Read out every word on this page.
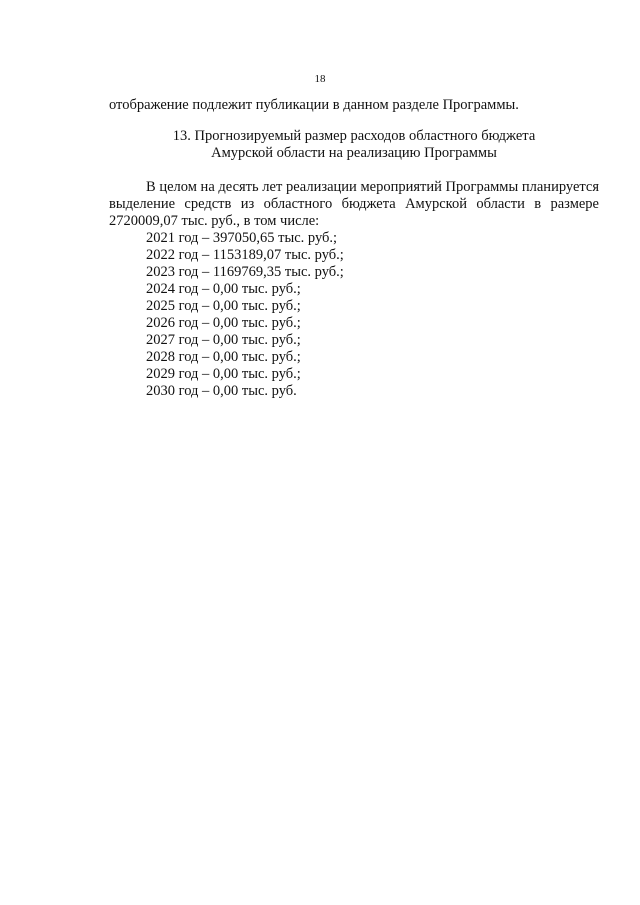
18
отображение подлежит публикации в данном разделе Программы.
13. Прогнозируемый размер расходов областного бюджета
Амурской области на реализацию Программы
В целом на десять лет реализации мероприятий Программы планируется
выделение средств из областного бюджета Амурской области в размере
2720009,07 тыс. руб., в том числе:
2021 год – 397050,65 тыс. руб.;
2022 год – 1153189,07 тыс. руб.;
2023 год – 1169769,35 тыс. руб.;
2024 год – 0,00 тыс. руб.;
2025 год – 0,00 тыс. руб.;
2026 год – 0,00 тыс. руб.;
2027 год – 0,00 тыс. руб.;
2028 год – 0,00 тыс. руб.;
2029 год – 0,00 тыс. руб.;
2030 год – 0,00 тыс. руб.
